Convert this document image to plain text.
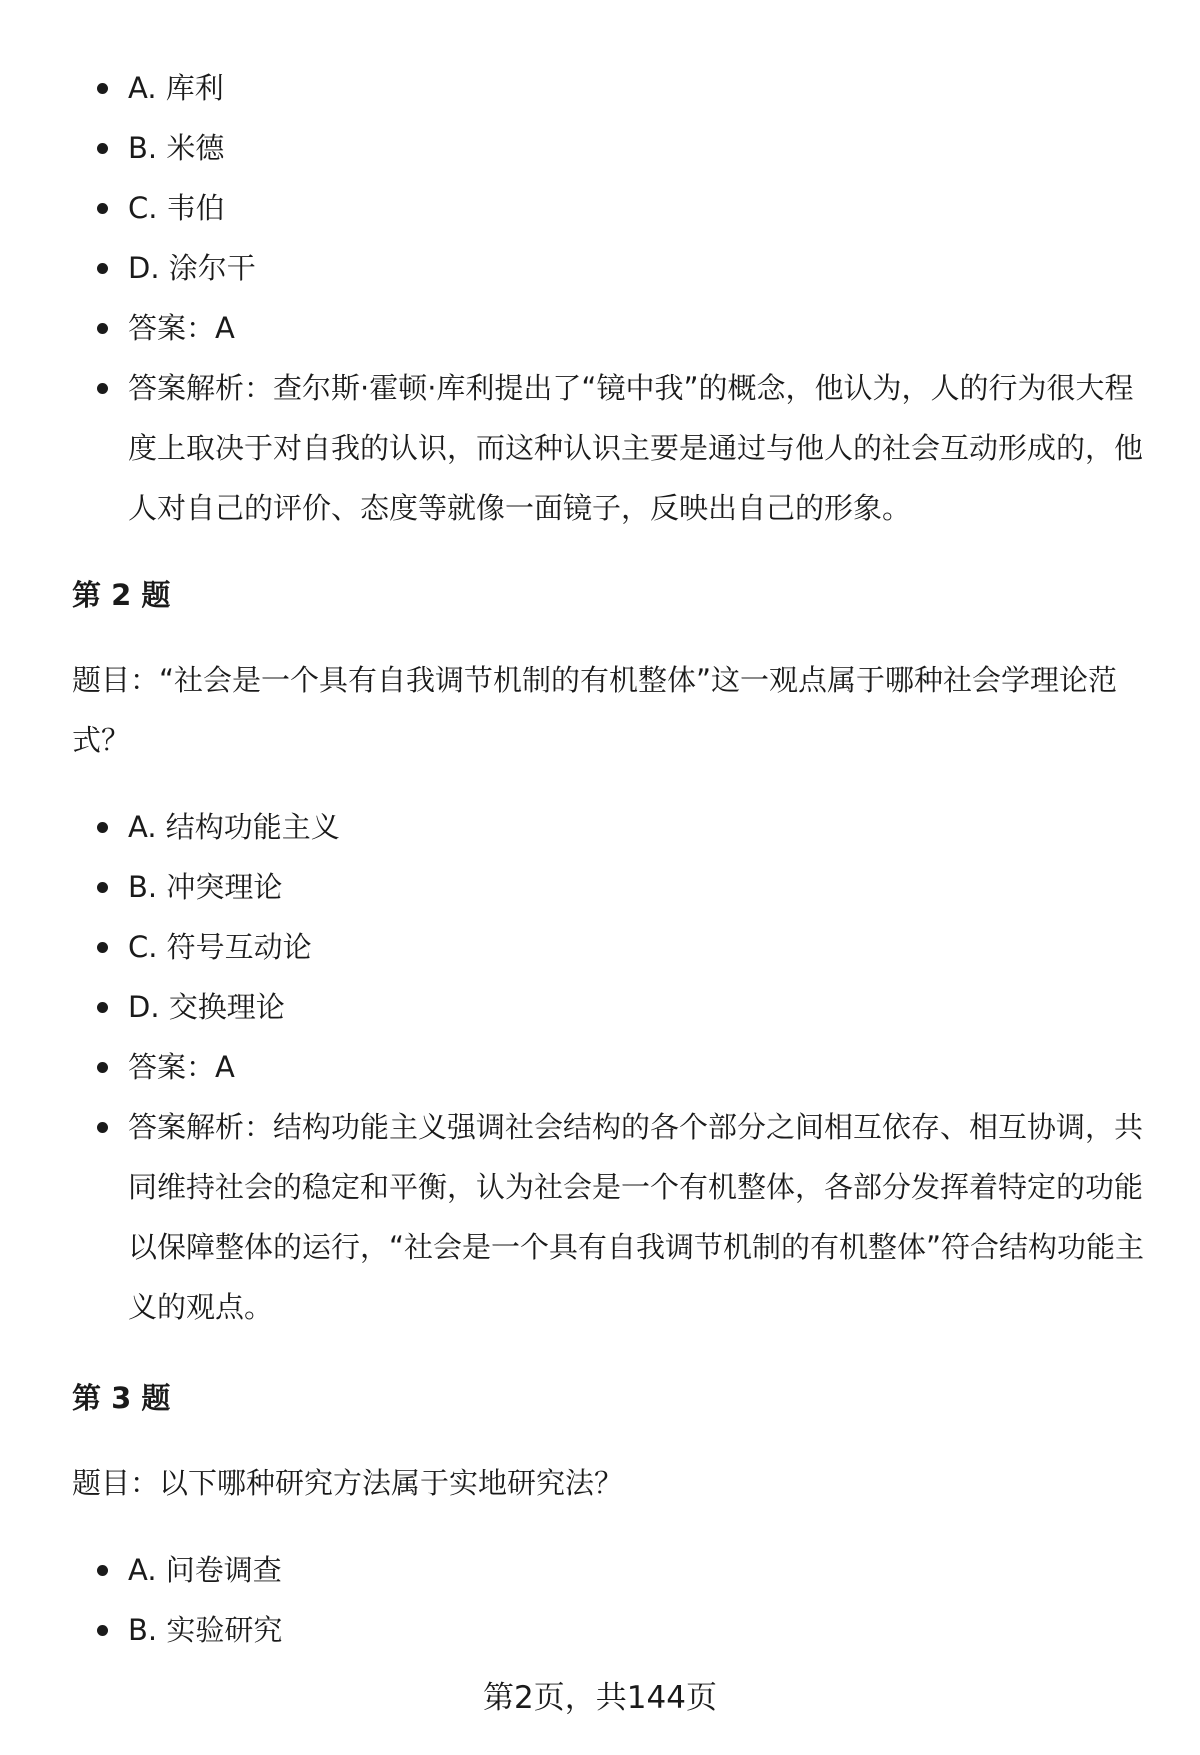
A. 库利
B. 米德
C. 韦伯
D. 涂尔干
答案：A
答案解析：查尔斯·霍顿·库利提出了“镜中我”的概念，他认为，人的行为很大程度上取决于对自我的认识，而这种认识主要是通过与他人的社会互动形成的，他人对自己的评价、态度等就像一面镜子，反映出自己的形象。
第 2 题
题目：“社会是一个具有自我调节机制的有机整体”这一观点属于哪种社会学理论范式？
A. 结构功能主义
B. 冲突理论
C. 符号互动论
D. 交换理论
答案：A
答案解析：结构功能主义强调社会结构的各个部分之间相互依存、相互协调，共同维持社会的稳定和平衡，认为社会是一个有机整体，各部分发挥着特定的功能以保障整体的运行，“社会是一个具有自我调节机制的有机整体”符合结构功能主义的观点。
第 3 题
题目：以下哪种研究方法属于实地研究法？
A. 问卷调查
B. 实验研究
第2页，共144页
